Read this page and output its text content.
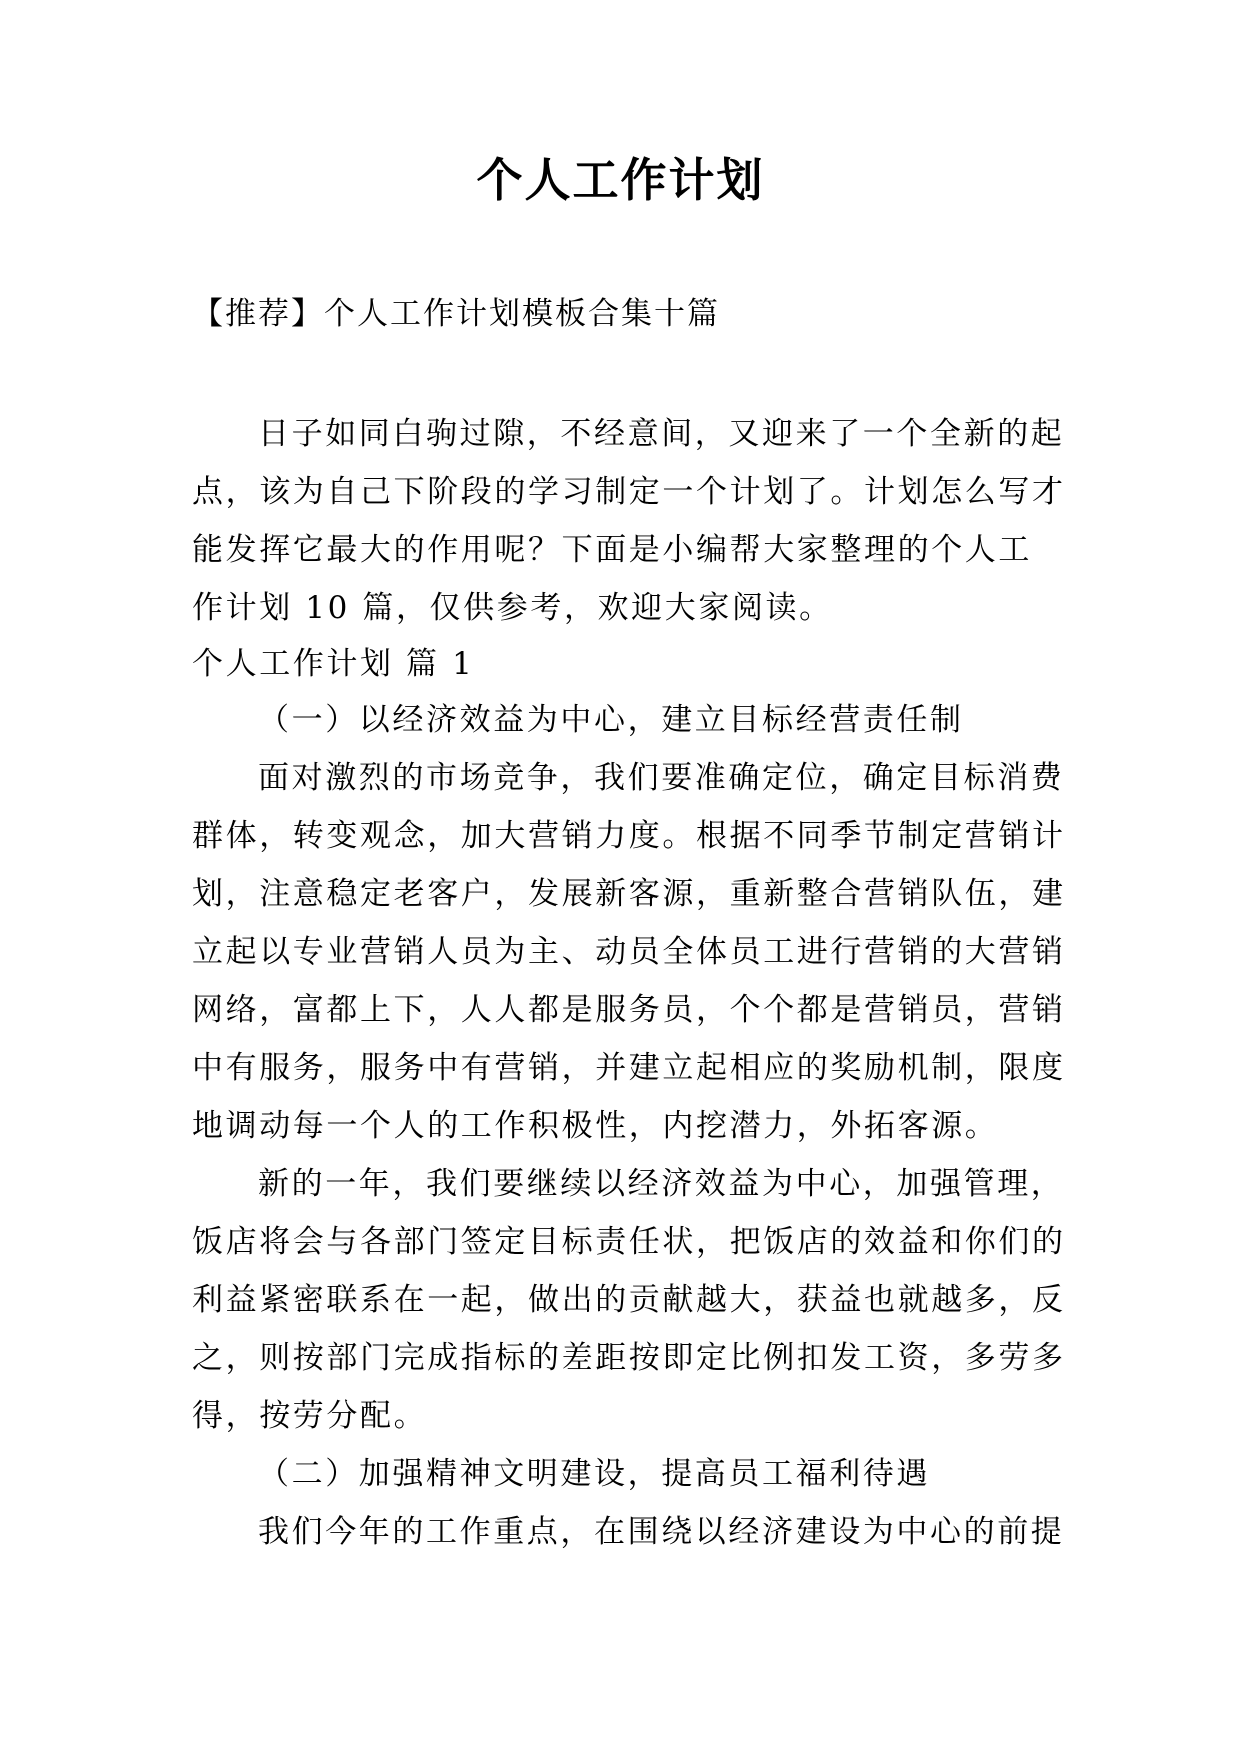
个人工作计划
【推荐】个人工作计划模板合集十篇
日子如同白驹过隙，不经意间，又迎来了一个全新的起
点，该为自己下阶段的学习制定一个计划了。计划怎么写才
能发挥它最大的作用呢？下面是小编帮大家整理的个人工
作计划 10 篇，仅供参考，欢迎大家阅读。
个人工作计划 篇 1
（一）以经济效益为中心，建立目标经营责任制
面对激烈的市场竞争，我们要准确定位，确定目标消费
群体，转变观念，加大营销力度。根据不同季节制定营销计
划，注意稳定老客户，发展新客源，重新整合营销队伍，建
立起以专业营销人员为主、动员全体员工进行营销的大营销
网络，富都上下，人人都是服务员，个个都是营销员，营销
中有服务，服务中有营销，并建立起相应的奖励机制，限度
地调动每一个人的工作积极性，内挖潜力，外拓客源。
新的一年，我们要继续以经济效益为中心，加强管理，
饭店将会与各部门签定目标责任状，把饭店的效益和你们的
利益紧密联系在一起，做出的贡献越大，获益也就越多，反
之，则按部门完成指标的差距按即定比例扣发工资，多劳多
得，按劳分配。
（二）加强精神文明建设，提高员工福利待遇
我们今年的工作重点，在围绕以经济建设为中心的前提
